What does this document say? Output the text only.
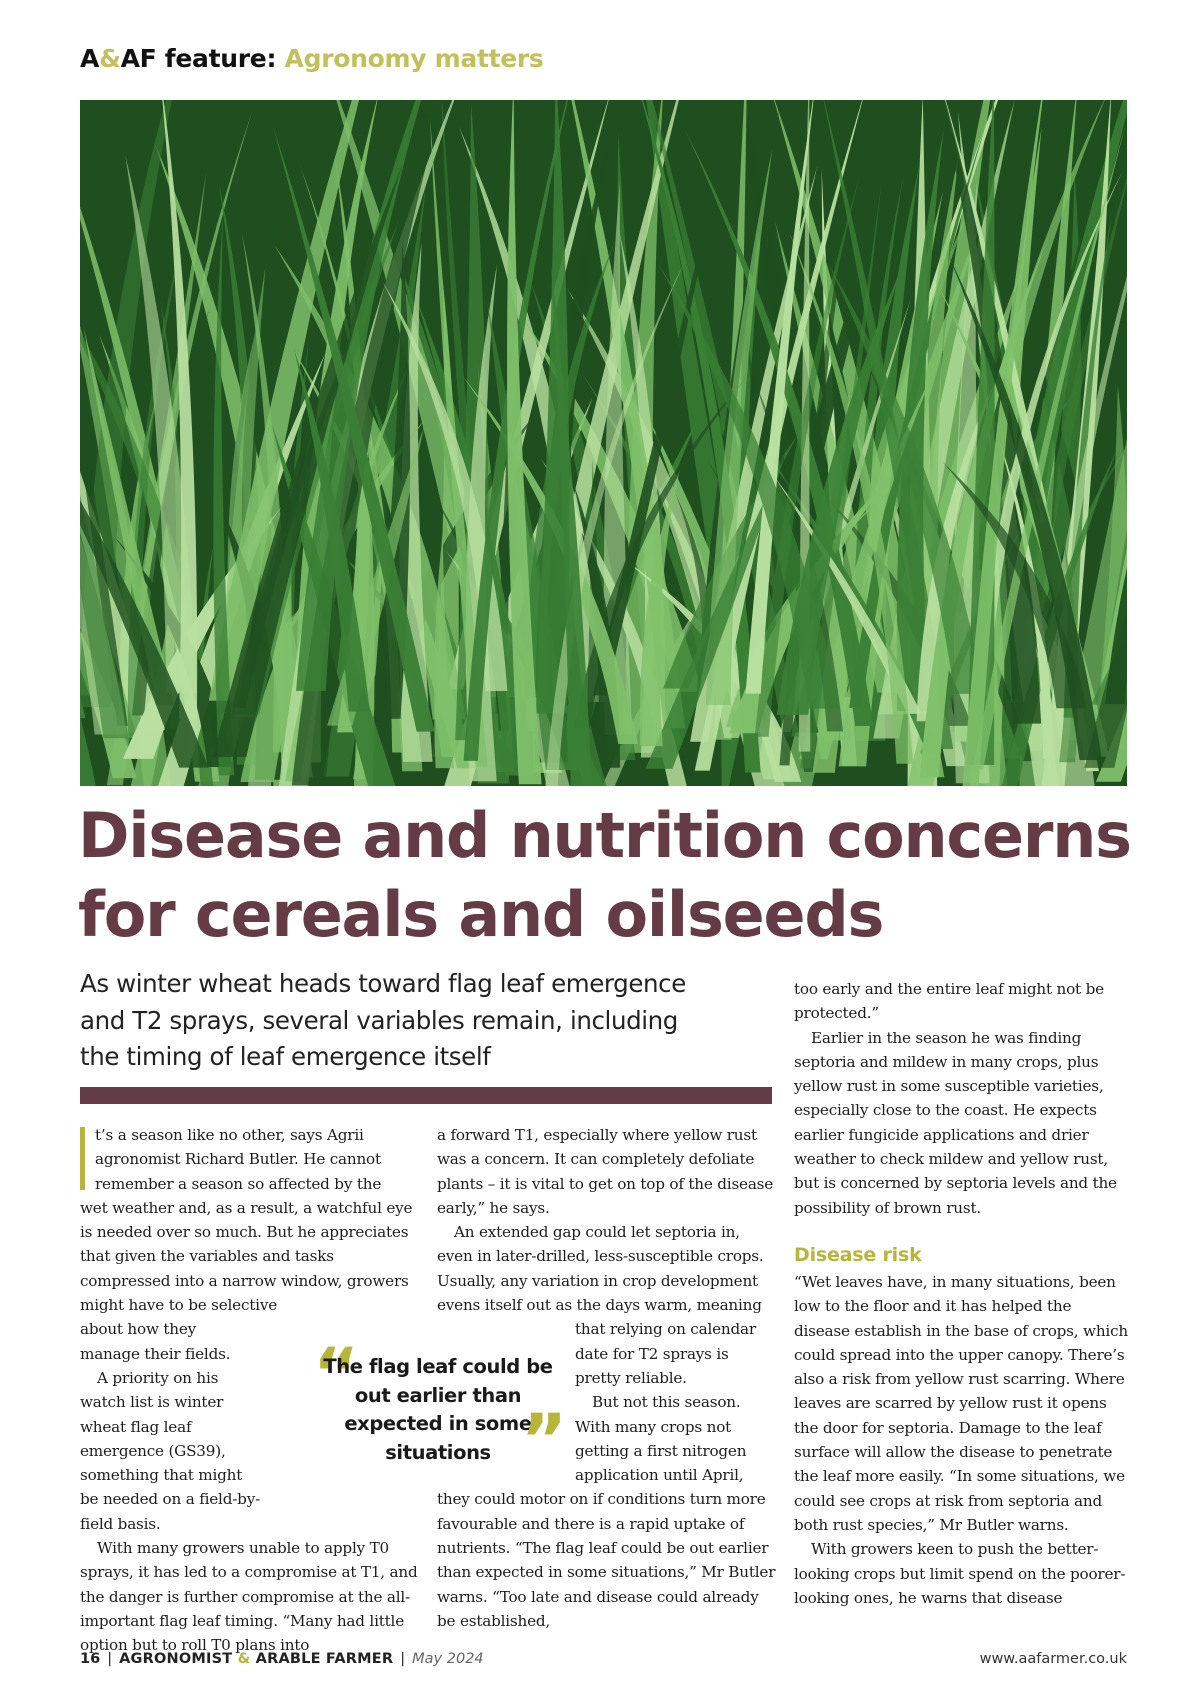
A&AF feature: Agronomy matters
Disease and nutrition concerns
for cereals and oilseeds

As winter wheat heads toward flag leaf emergence and T2 sprays, several variables remain, including the timing of leaf emergence itself

t’s a season like no other, says Agrii agronomist Richard Butler. He cannot remember a season so affected by the

wet weather and, as a result, a watchful eye is needed over so much. But he appreciates that given the variables and tasks compressed into a narrow window, growers might have to be selective

about how they manage their fields.

A priority on his watch list is winter wheat flag leaf emergence (GS39), something that might be needed on a field-by-field basis.

With many growers unable to apply T0 sprays, it has led to a compromise at T1, and the danger is further compromise at the all-important flag leaf timing. “Many had little option but to roll T0 plans into

a forward T1, especially where yellow rust was a concern. It can completely defoliate plants – it is vital to get on top of the disease early,” he says.

An extended gap could let septoria in, even in later-drilled, less-susceptible crops. Usually, any variation in crop development evens itself out as the days warm, meaning

that relying on calendar date for T2 sprays is pretty reliable.

But not this season. With many crops not getting a first nitrogen application until April,

they could motor on if conditions turn more favourable and there is a rapid uptake of nutrients. “The flag leaf could be out earlier than expected in some situations,” Mr Butler warns. “Too late and disease could already be established,

“

The flag leaf could be out earlier than expected in some situations ”

too early and the entire leaf might not be protected.”

Earlier in the season he was finding septoria and mildew in many crops, plus yellow rust in some susceptible varieties, especially close to the coast. He expects earlier fungicide applications and drier weather to check mildew and yellow rust, but is concerned by septoria levels and the possibility of brown rust.

Disease risk

“Wet leaves have, in many situations, been low to the floor and it has helped the disease establish in the base of crops, which could spread into the upper canopy. There’s also a risk from yellow rust scarring. Where leaves are scarred by yellow rust it opens the door for septoria. Damage to the leaf surface will allow the disease to penetrate the leaf more easily. “In some situations, we could see crops at risk from septoria and both rust species,” Mr Butler warns.

With growers keen to push the better-looking crops but limit spend on the poorer-looking ones, he warns that disease

16 | AGRONOMIST & ARABLE FARMER | May 2024	www.aafarmer.co.uk
